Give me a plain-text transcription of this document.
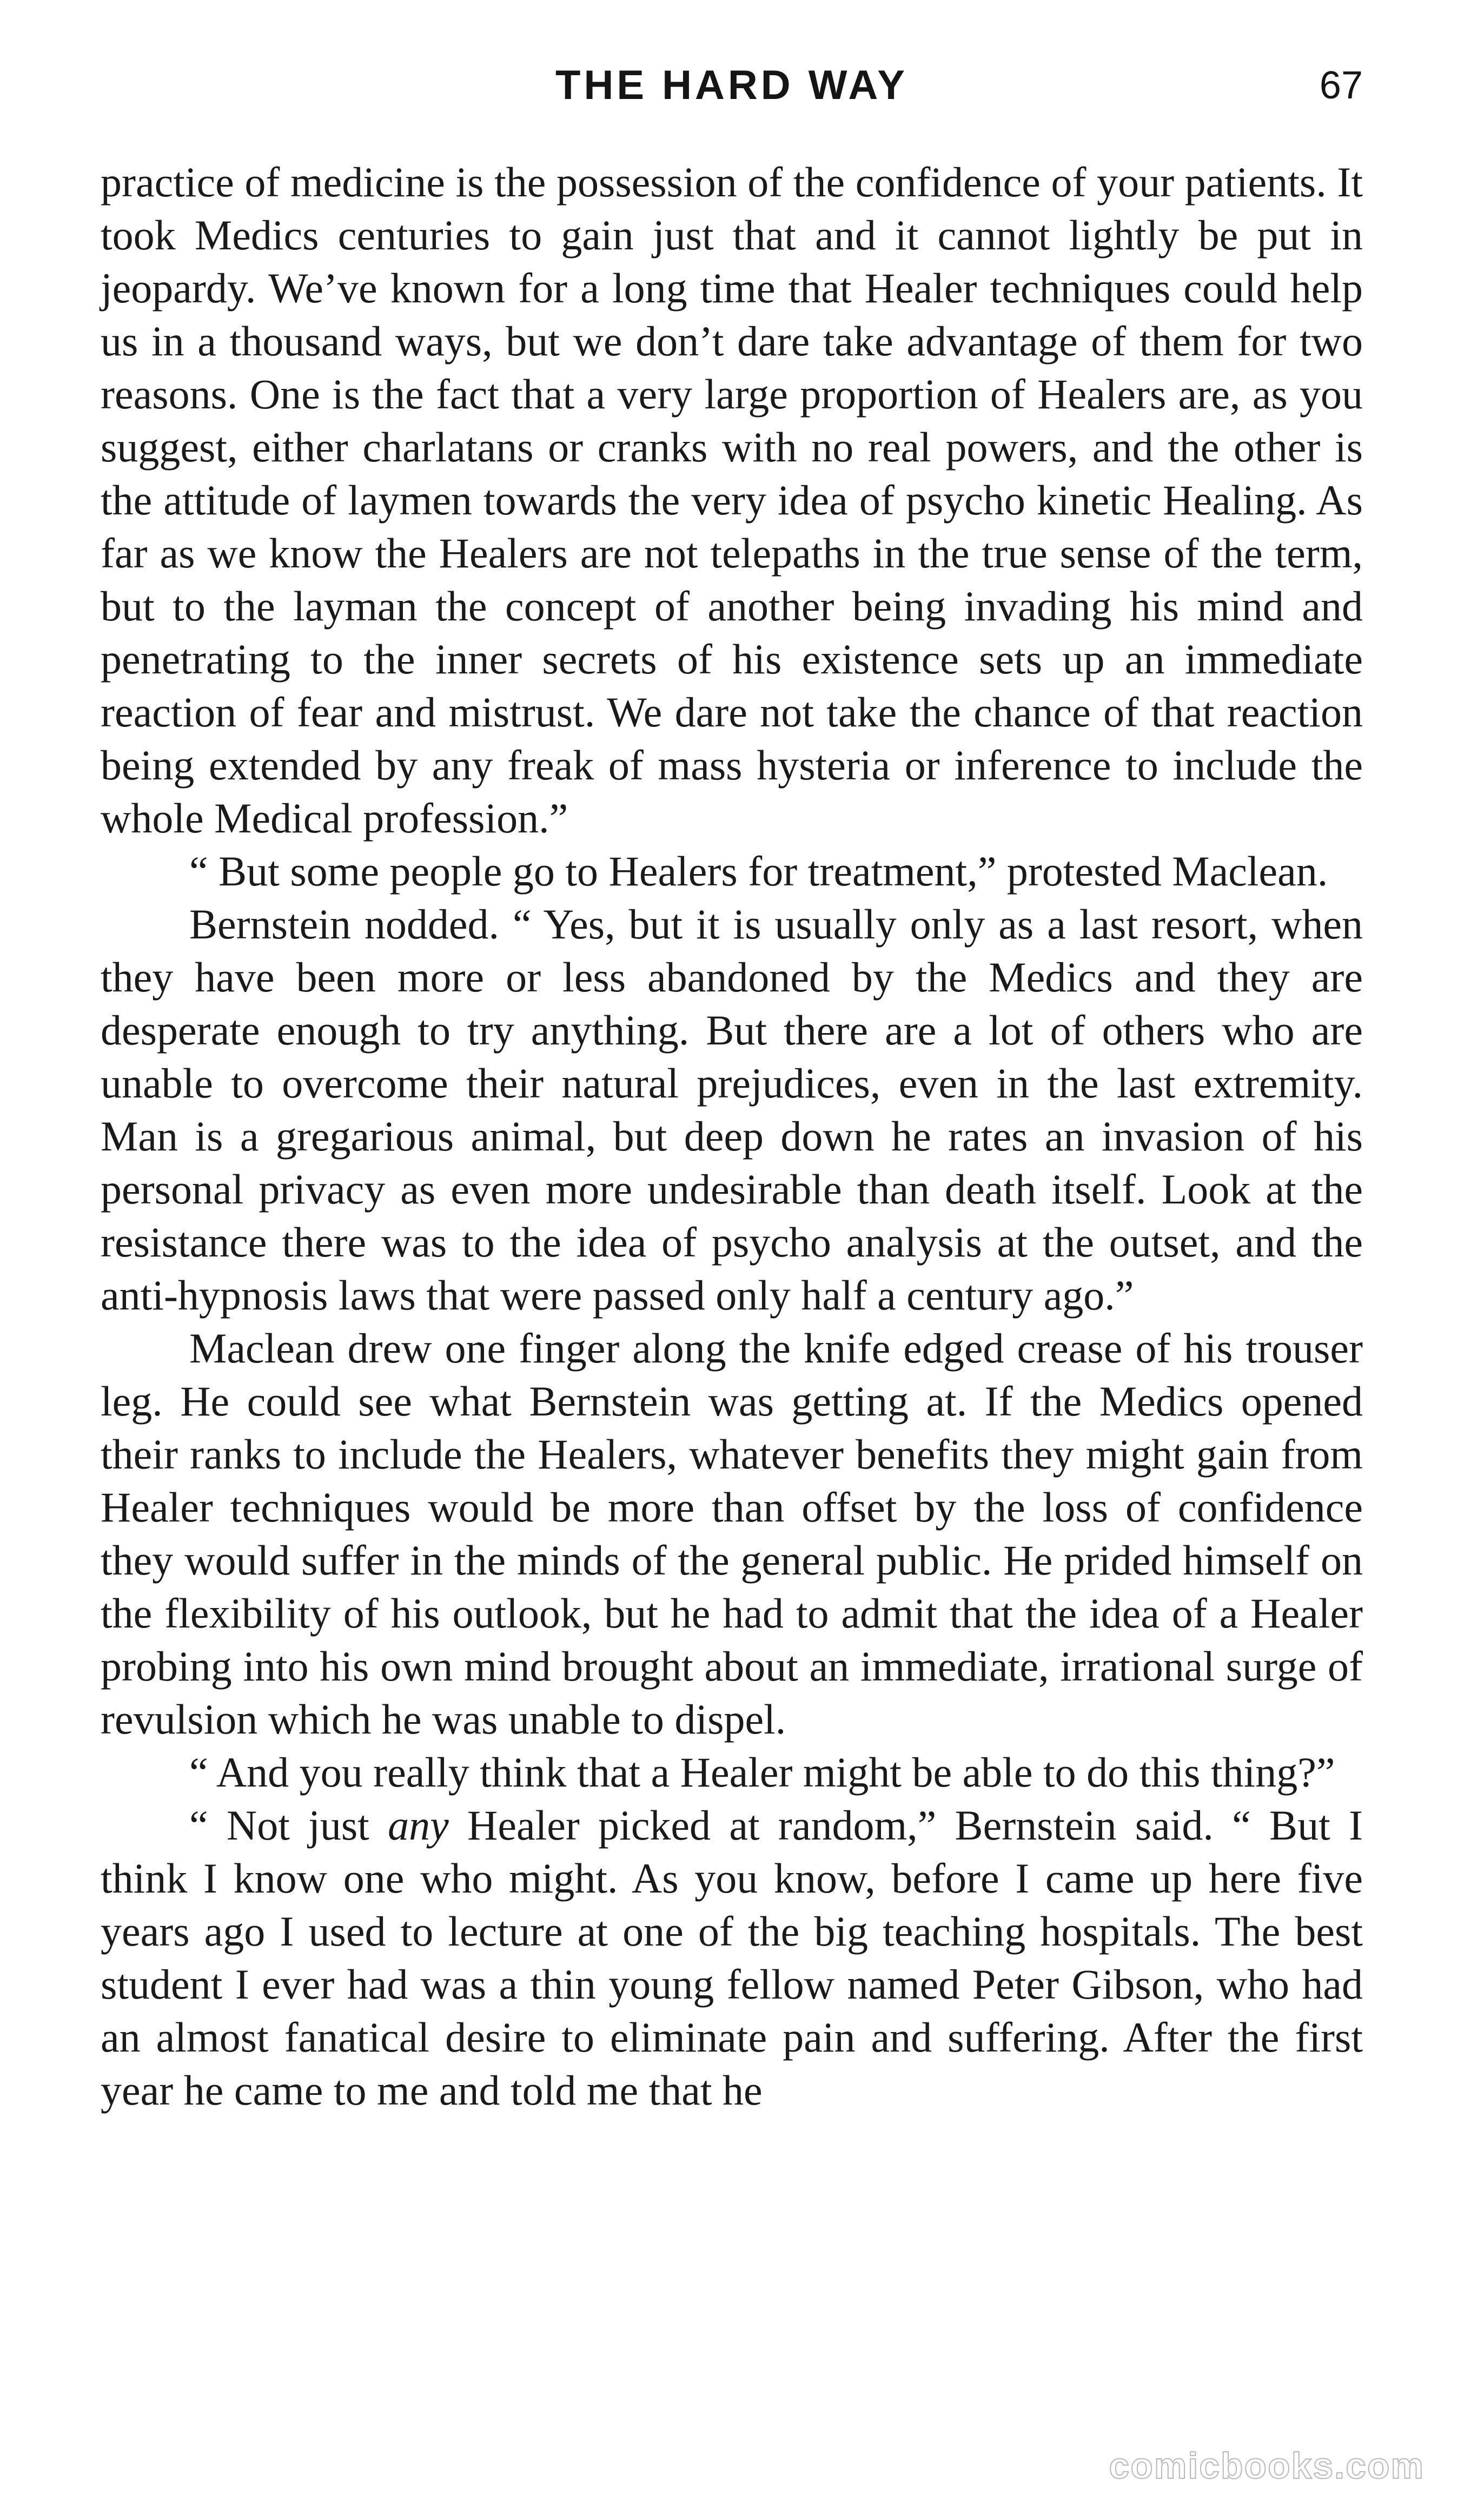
THE HARD WAY	67

practice of medicine is the possession of the confidence of your patients. It took Medics centuries to gain just that and it cannot lightly be put in jeopardy. We’ve known for a long time that Healer techniques could help us in a thousand ways, but we don’t dare take advantage of them for two reasons. One is the fact that a very large proportion of Healers are, as you suggest, either charlatans or cranks with no real powers, and the other is the attitude of laymen towards the very idea of psycho kinetic Healing. As far as we know the Healers are not telepaths in the true sense of the term, but to the layman the concept of another being invading his mind and penetrating to the inner secrets of his existence sets up an immediate reaction of fear and mistrust. We dare not take the chance of that reaction being extended by any freak of mass hysteria or inference to include the whole Medical profession.”

“ But some people go to Healers for treatment,” protested Maclean.

Bernstein nodded. “ Yes, but it is usually only as a last resort, when they have been more or less abandoned by the Medics and they are desperate enough to try anything. But there are a lot of others who are unable to overcome their natural prejudices, even in the last extremity. Man is a gregarious animal, but deep down he rates an invasion of his personal privacy as even more undesirable than death itself. Look at the resistance there was to the idea of psycho analysis at the outset, and the anti-hypnosis laws that were passed only half a century ago.”

Maclean drew one finger along the knife edged crease of his trouser leg. He could see what Bernstein was getting at. If the Medics opened their ranks to include the Healers, whatever benefits they might gain from Healer techniques would be more than offset by the loss of confidence they would suffer in the minds of the general public. He prided himself on the flexibility of his outlook, but he had to admit that the idea of a Healer probing into his own mind brought about an immediate, irrational surge of revulsion which he was unable to dispel.

“ And you really think that a Healer might be able to do this thing?”

“ Not just any Healer picked at random,” Bernstein said. “ But I think I know one who might. As you know, before I came up here five years ago I used to lecture at one of the big teaching hospitals. The best student I ever had was a thin young fellow named Peter Gibson, who had an almost fanatical desire to eliminate pain and suffering. After the first year he came to me and told me that he

comicbooks.com
